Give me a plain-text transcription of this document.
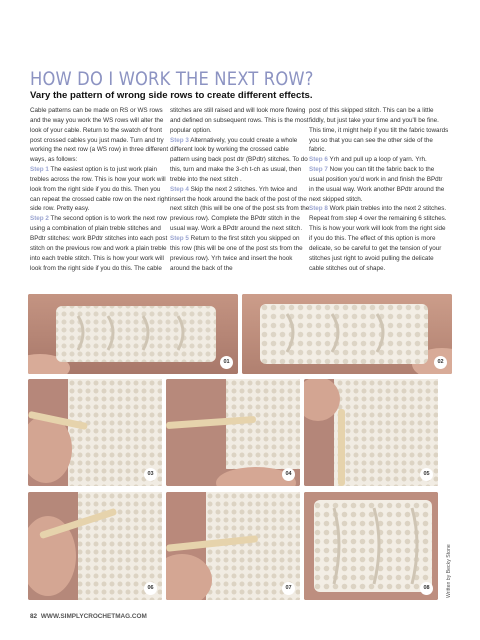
HOW DO I WORK THE NEXT ROW?
Vary the pattern of wrong side rows to create different effects.

Cable patterns can be made on RS or WS rows and the way you work the WS rows will alter the look of your cable. Return to the swatch of front post crossed cables you just made. Turn and try working the next row (a WS row) in three different ways, as follows:

Step 1 The easiest option is to just work plain trebles across the row. This is how your work will look from the right side if you do this. Then you can repeat the crossed cable row on the next right side row. Pretty easy.

Step 2 The second option is to work the next row using a combination of plain treble stitches and BPdtr stitches: work BPdtr stitches into each post stitch on the previous row and work a plain treble into each treble stitch. This is how your work will look from the right side if you do this. The cable

stitches are still raised and will look more flowing and defined on subsequent rows. This is the most popular option.

Step 3 Alternatively, you could create a whole different look by working the crossed cable pattern using back post dtr (BPdtr) stitches. To do this, turn and make the 3-ch t-ch as usual, then treble into the next stitch .

Step 4 Skip the next 2 stitches. Yrh twice and insert the hook around the back of the post of the next stitch (this will be one of the post sts from the previous row). Complete the BPdtr stitch in the usual way. Work a BPdtr around the next stitch.

Step 5 Return to the first stitch you skipped on this row (this will be one of the post sts from the previous row). Yrh twice and insert the hook around the back of the

post of this skipped stitch. This can be a little fiddly, but just take your time and you'll be fine. This time, it might help if you tilt the fabric towards you so that you can see the other side of the fabric.

Step 6 Yrh and pull up a loop of yarn. Yrh.

Step 7 Now you can tilt the fabric back to the usual position you'd work in and finish the BPdtr in the usual way. Work another BPdtr around the next skipped stitch.

Step 8 Work plain trebles into the next 2 stitches. Repeat from step 4 over the remaining 6 stitches. This is how your work will look from the right side if you do this. The effect of this option is more delicate, so be careful to get the tension of your stitches just right to avoid pulling the delicate cable stitches out of shape.

01	02
03	04	05
06	07	08	Written by Becky Stone
82 WWW.SIMPLYCROCHETMAG.COM
